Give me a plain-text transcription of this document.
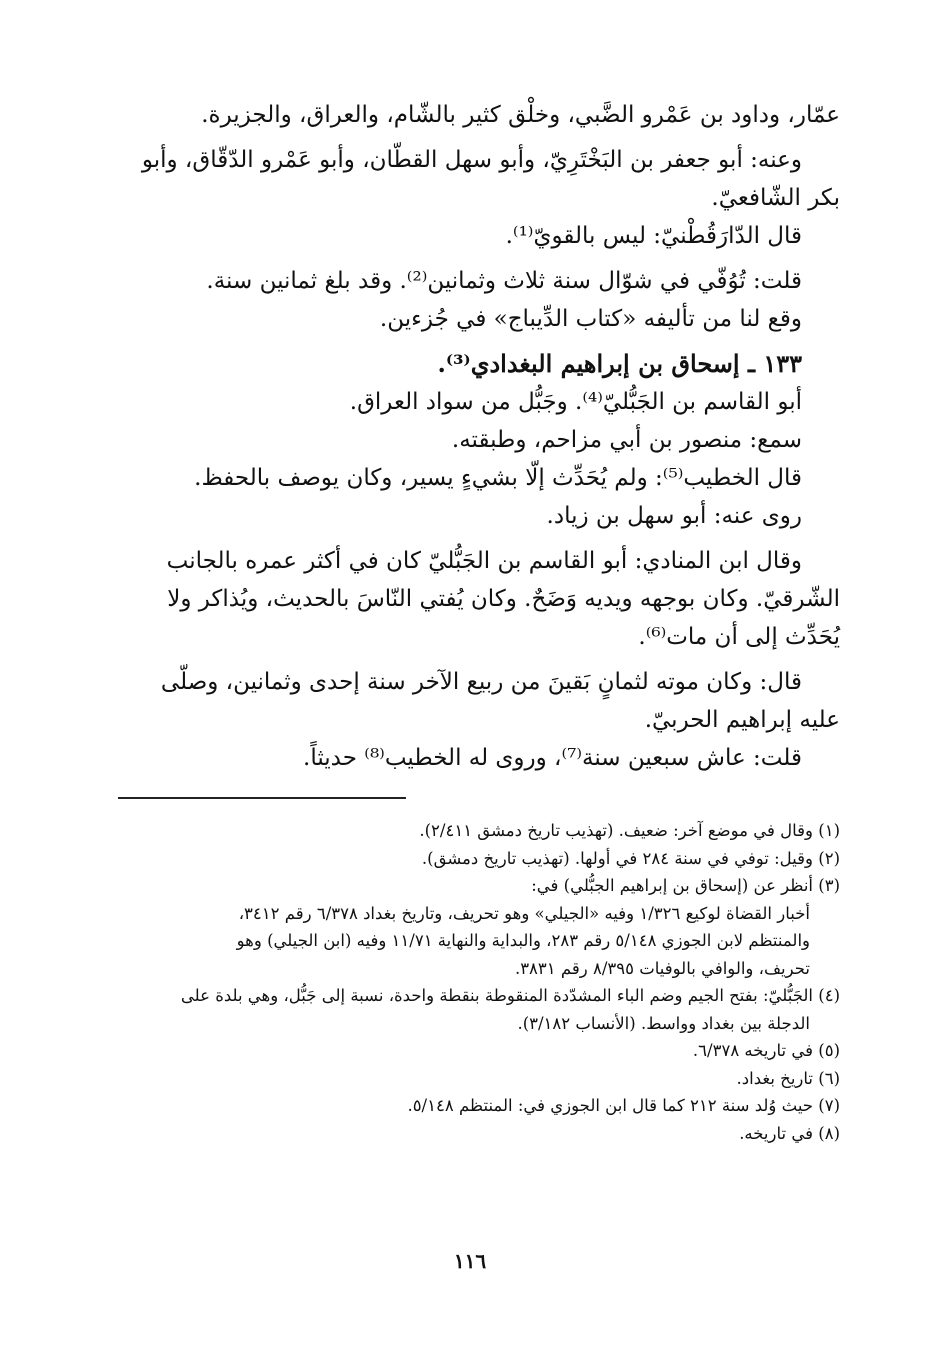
عمّار، وداود بن عَمْرو الضَّبي، وخلْق كثير بالشّام، والعراق، والجزيرة.

وعنه: أبو جعفر بن البَخْتَرِيّ، وأبو سهل القطّان، وأبو عَمْرو الدّقّاق، وأبو

بكر الشّافعيّ.

قال الدّارَقُطْنيّ: ليس بالقويّ⁽¹⁾.

قلت: تُوُفّي في شوّال سنة ثلاث وثمانين⁽²⁾. وقد بلغ ثمانين سنة.

وقع لنا من تأليفه «كتاب الدِّيباج» في جُزءين.

١٣٣ ـ إسحاق بن إبراهيم البغدادي⁽³⁾.

أبو القاسم بن الجَبُّليّ⁽⁴⁾. وجَبُّل من سواد العراق.

سمع: منصور بن أبي مزاحم، وطبقته.

قال الخطيب⁽⁵⁾: ولم يُحَدِّث إلّا بشيءٍ يسير، وكان يوصف بالحفظ.

روى عنه: أبو سهل بن زياد.

وقال ابن المنادي: أبو القاسم بن الجَبُّليّ كان في أكثر عمره بالجانب

الشّرقيّ. وكان بوجهه ويديه وَضَحٌ. وكان يُفتي النّاسَ بالحديث، ويُذاكر ولا

يُحَدِّث إلى أن مات⁽⁶⁾.

قال: وكان موته لثمانٍ بَقينَ من ربيع الآخر سنة إحدى وثمانين، وصلّى

عليه إبراهيم الحربيّ.

قلت: عاش سبعين سنة⁽⁷⁾، وروى له الخطيب⁽⁸⁾ حديثاً.

(١) وقال في موضع آخر: ضعيف. (تهذيب تاريخ دمشق ٢/٤١١).

(٢) وقيل: توفي في سنة ٢٨٤ في أولها. (تهذيب تاريخ دمشق).

(٣) أنظر عن (إسحاق بن إبراهيم الجبُّلي) في:

أخبار القضاة لوكيع ١/٣٢٦ وفيه «الجيلي» وهو تحريف، وتاريخ بغداد ٦/٣٧٨ رقم ٣٤١٢،

والمنتظم لابن الجوزي ٥/١٤٨ رقم ٢٨٣، والبداية والنهاية ١١/٧١ وفيه (ابن الجيلي) وهو

تحريف، والوافي بالوفيات ٨/٣٩٥ رقم ٣٨٣١.

(٤) الجَبُّليّ: بفتح الجيم وضم الباء المشدّدة المنقوطة بنقطة واحدة، نسبة إلى جَبُّل، وهي بلدة على

الدجلة بين بغداد وواسط. (الأنساب ٣/١٨٢).

(٥) في تاريخه ٦/٣٧٨.

(٦) تاريخ بغداد.

(٧) حيث وُلد سنة ٢١٢ كما قال ابن الجوزي في: المنتظم ٥/١٤٨.

(٨) في تاريخه.

١١٦
